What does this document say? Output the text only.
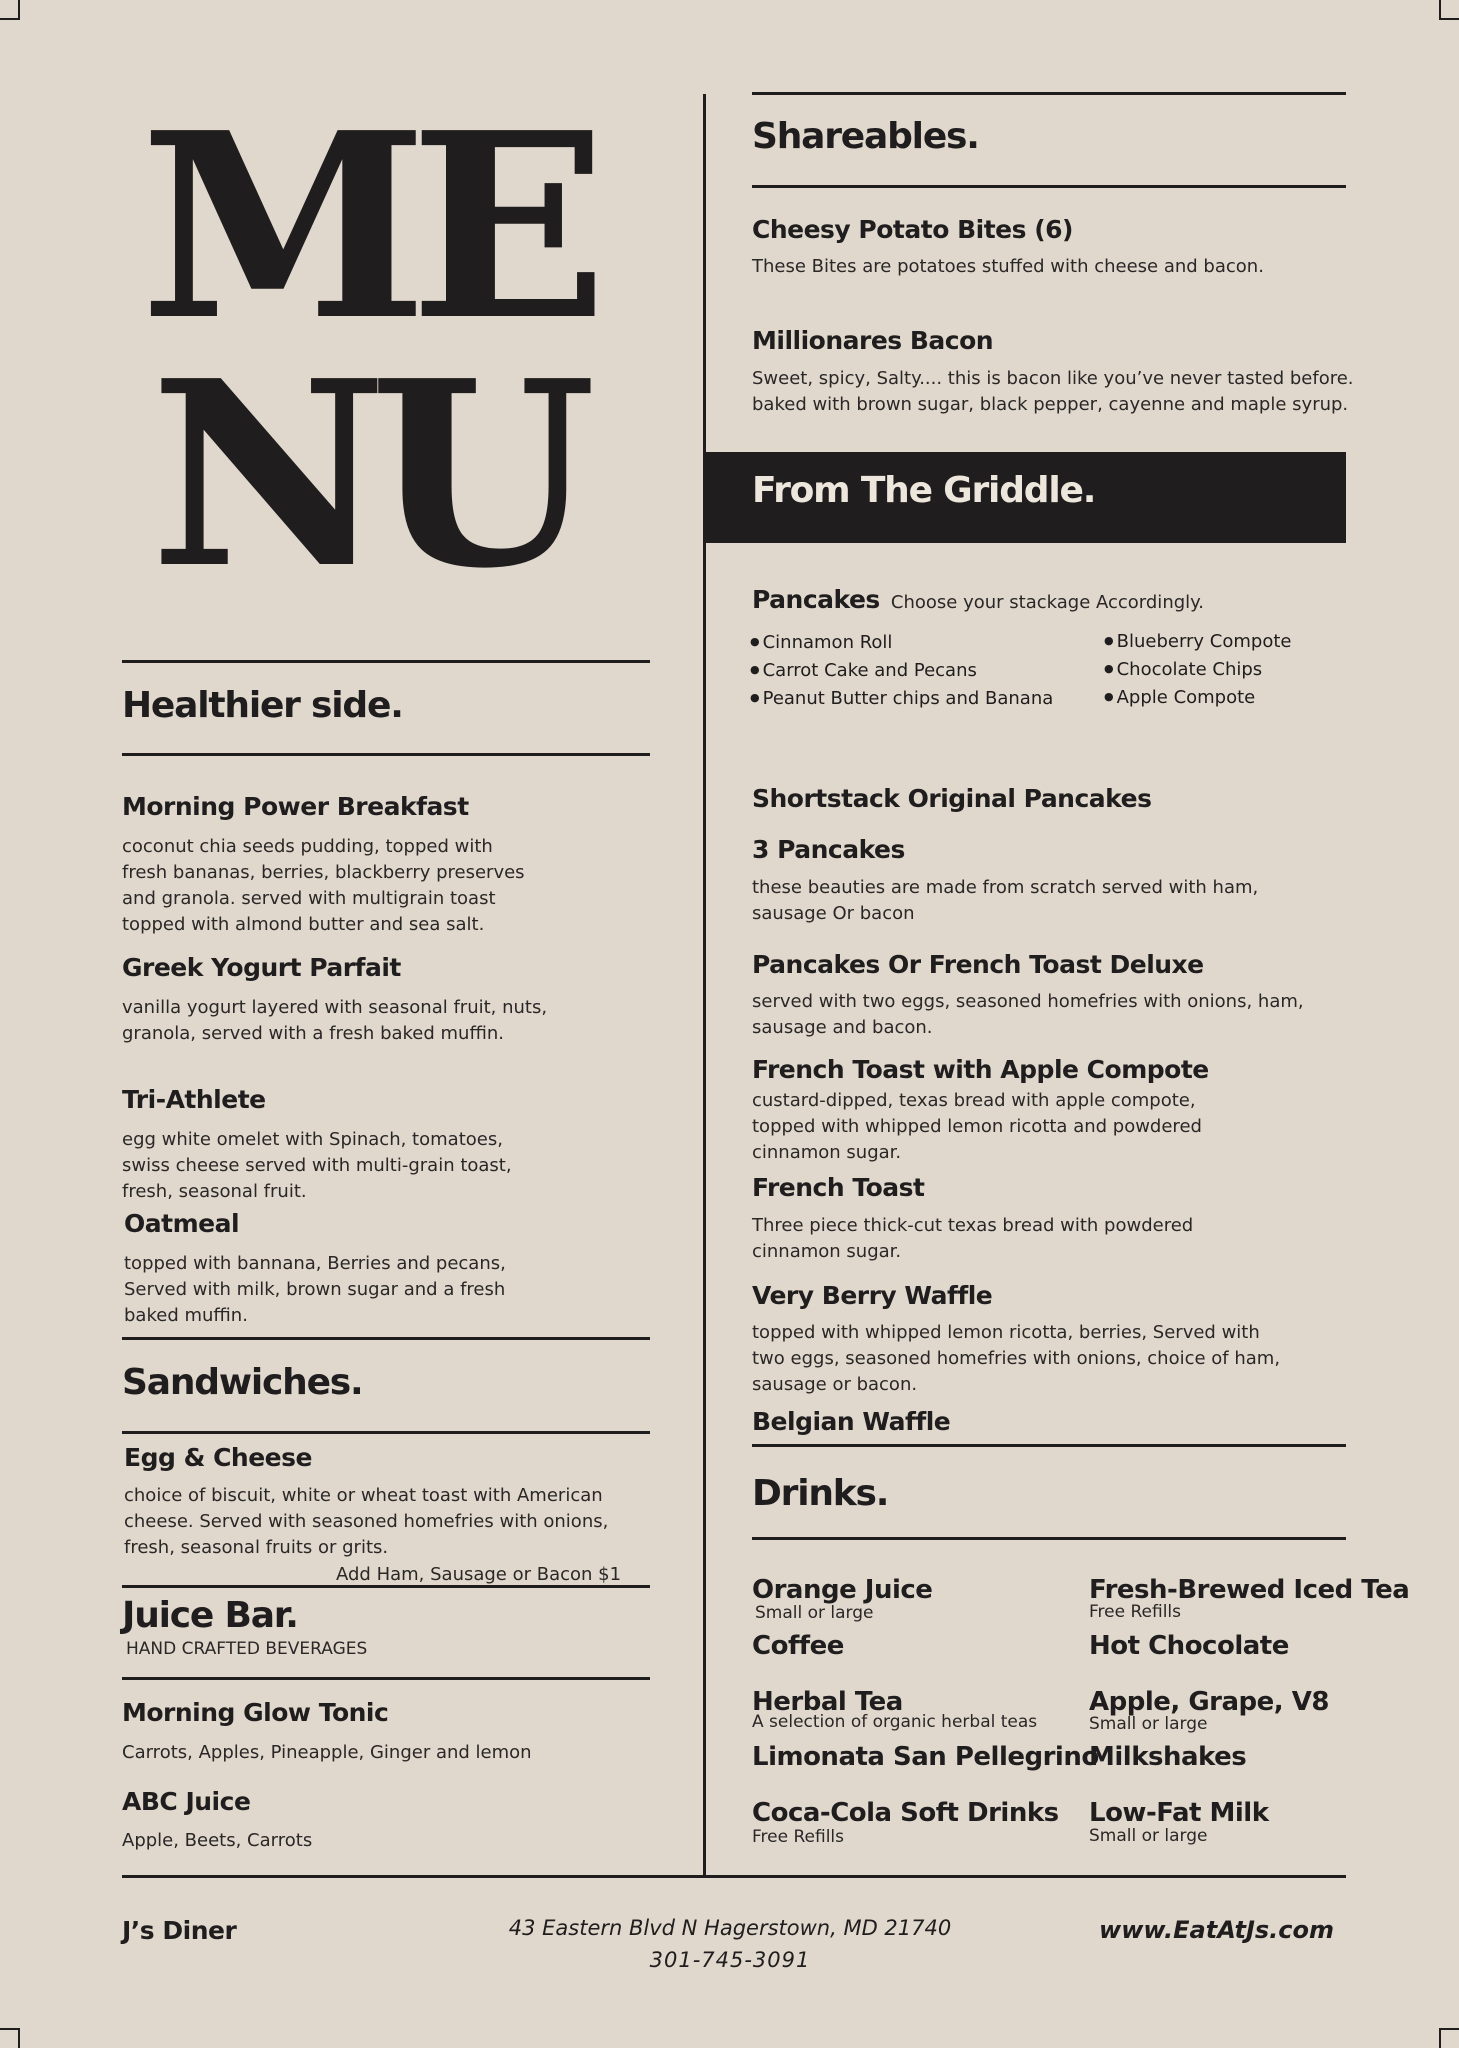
ME
NU
Healthier side.
Morning Power Breakfast
coconut chia seeds pudding, topped with
fresh bananas, berries, blackberry preserves
and granola. served with multigrain toast
topped with almond butter and sea salt.
Greek Yogurt Parfait
vanilla yogurt layered with seasonal fruit, nuts,
granola, served with a fresh baked muffin.
Tri-Athlete
egg white omelet with Spinach, tomatoes,
swiss cheese served with multi-grain toast,
fresh, seasonal fruit.
Oatmeal
topped with bannana, Berries and pecans,
Served with milk, brown sugar and a fresh
baked muffin.
Sandwiches.
Egg & Cheese
choice of biscuit, white or wheat toast with American
cheese. Served with seasoned homefries with onions,
fresh, seasonal fruits or grits.
Add Ham, Sausage or Bacon $1
Juice Bar.
HAND CRAFTED BEVERAGES
Morning Glow Tonic
Carrots, Apples, Pineapple, Ginger and lemon
ABC Juice
Apple, Beets, Carrots
Shareables.
Cheesy Potato Bites (6)
These Bites are potatoes stuffed with cheese and bacon.
Millionares Bacon
Sweet, spicy, Salty.... this is bacon like you’ve never tasted before.
baked with brown sugar, black pepper, cayenne and maple syrup.
From The Griddle.
Pancakes Choose your stackage Accordingly.
● Cinnamon Roll
● Carrot Cake and Pecans
● Peanut Butter chips and Banana
● Blueberry Compote
● Chocolate Chips
● Apple Compote
Shortstack Original Pancakes
3 Pancakes
these beauties are made from scratch served with ham,
sausage Or bacon
Pancakes Or French Toast Deluxe
served with two eggs, seasoned homefries with onions, ham,
sausage and bacon.
French Toast with Apple Compote
custard-dipped, texas bread with apple compote,
topped with whipped lemon ricotta and powdered
cinnamon sugar.
French Toast
Three piece thick-cut texas bread with powdered
cinnamon sugar.
Very Berry Waffle
topped with whipped lemon ricotta, berries, Served with
two eggs, seasoned homefries with onions, choice of ham,
sausage or bacon.
Belgian Waffle
Drinks.
Orange Juice
Small or large
Coffee
Herbal Tea
A selection of organic herbal teas
Limonata San Pellegrino
Coca-Cola Soft Drinks
Free Refills
Fresh-Brewed Iced Tea
Free Refills
Hot Chocolate
Apple, Grape, V8
Small or large
Milkshakes
Low-Fat Milk
Small or large
J’s Diner	43 Eastern Blvd N Hagerstown, MD 21740
301-745-3091
www.EatAtJs.com
